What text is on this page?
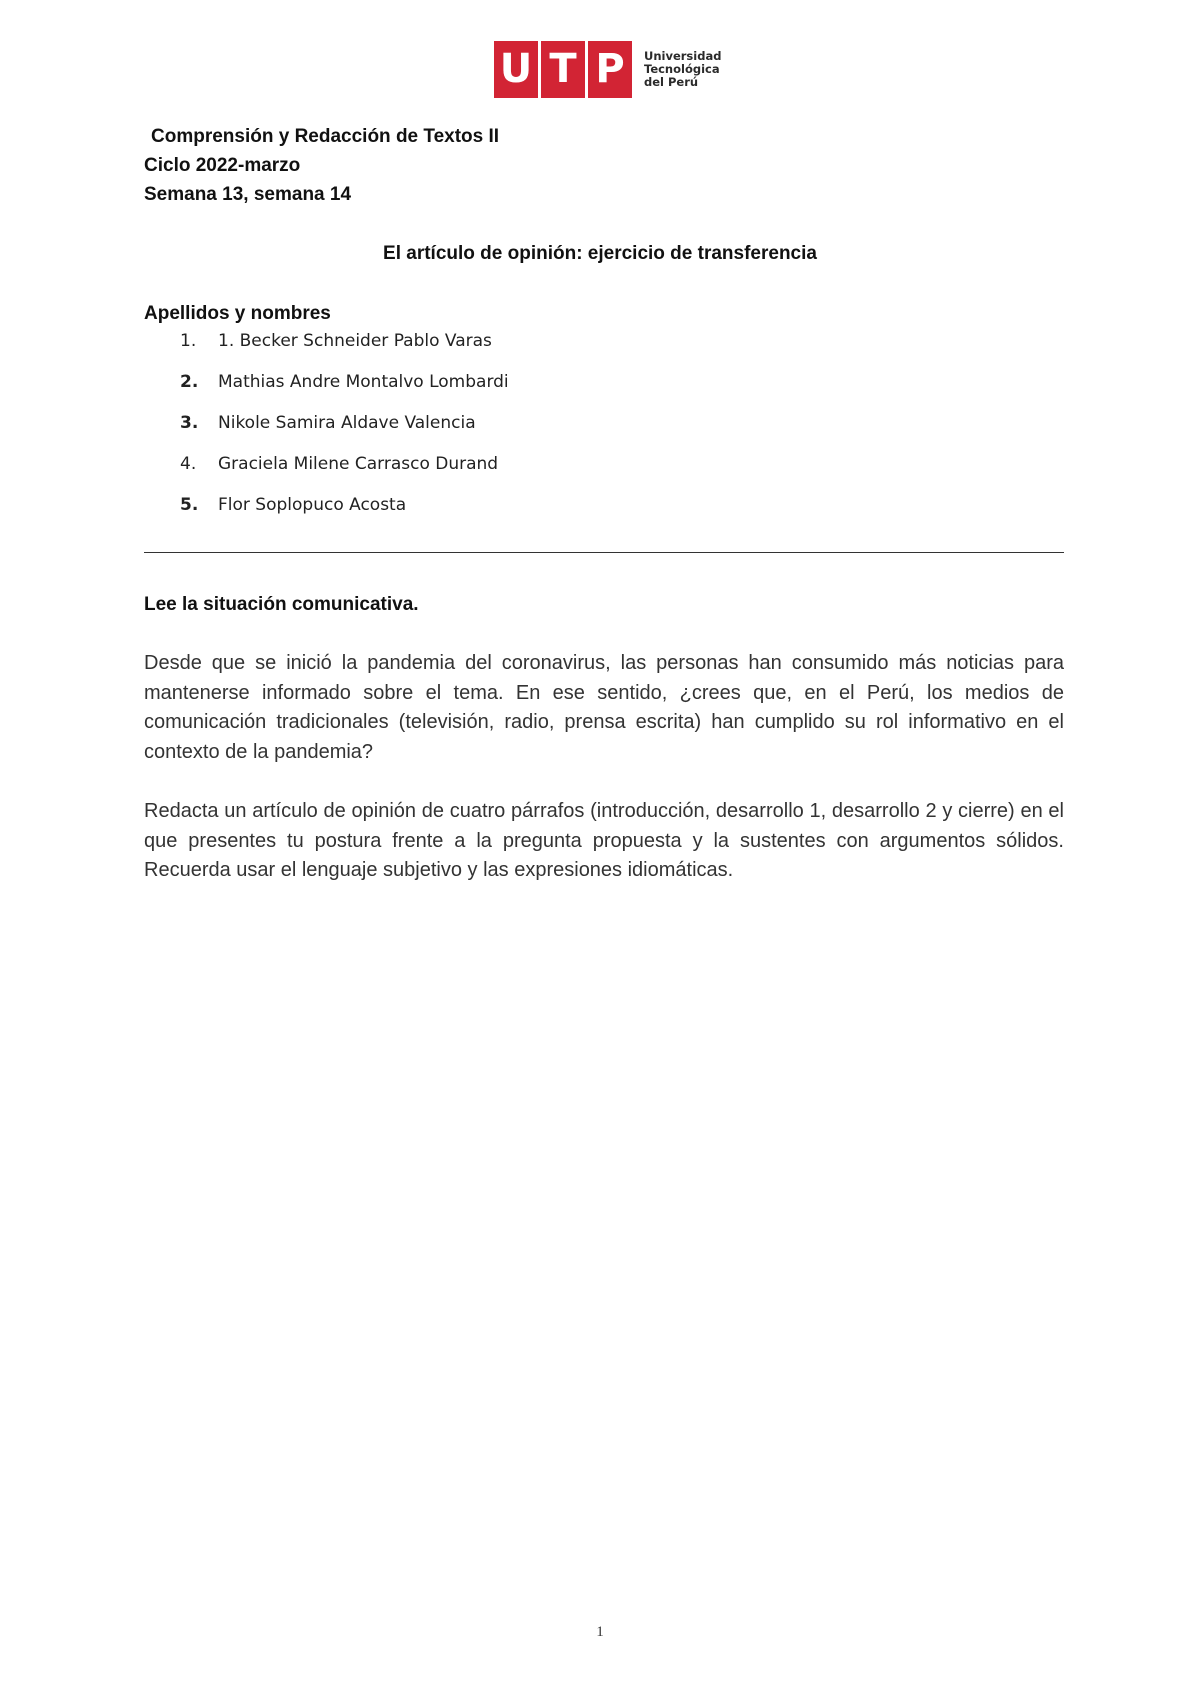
U T P	Universidad
Tecnológica
del Perú
Comprensión y Redacción de Textos II
Ciclo 2022-marzo
Semana 13, semana 14
El artículo de opinión: ejercicio de transferencia
Apellidos y nombres
1.	1. Becker Schneider Pablo Varas
2.	Mathias Andre Montalvo Lombardi
3.	Nikole Samira Aldave Valencia
4.	Graciela Milene Carrasco Durand
5.	Flor Soplopuco Acosta
Lee la situación comunicativa.

Desde que se inició la pandemia del coronavirus, las personas han consumido más noticias para mantenerse informado sobre el tema. En ese sentido, ¿crees que, en el Perú, los medios de comunicación tradicionales (televisión, radio, prensa escrita) han cumplido su rol informativo en el contexto de la pandemia?

Redacta un artículo de opinión de cuatro párrafos (introducción, desarrollo 1, desarrollo 2 y cierre) en el que presentes tu postura frente a la pregunta propuesta y la sustentes con argumentos sólidos. Recuerda usar el lenguaje subjetivo y las expresiones idiomáticas.

1
